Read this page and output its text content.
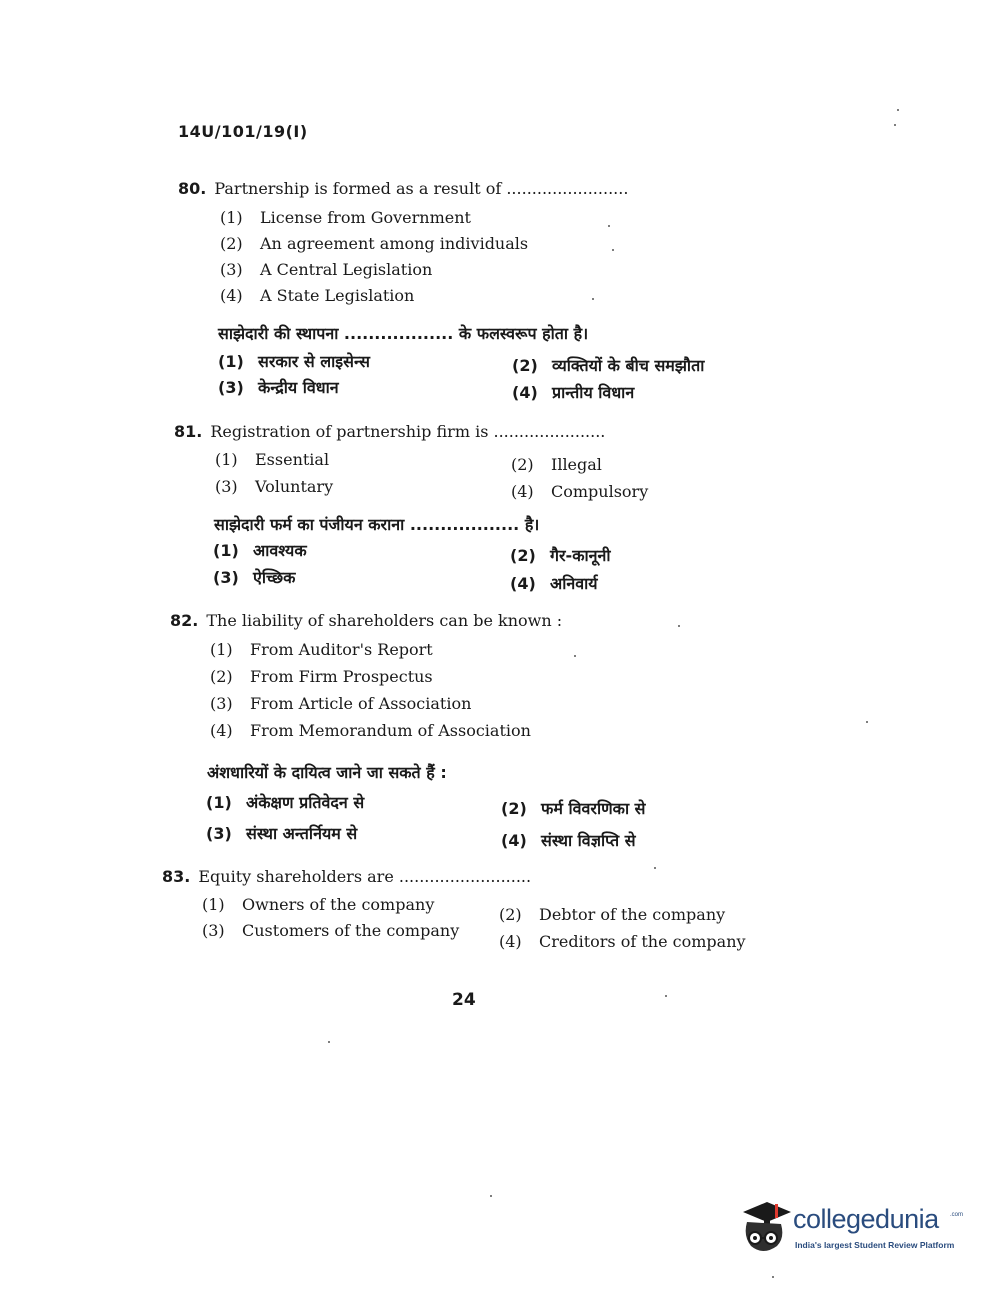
14U/101/19(I)
80. Partnership is formed as a result of ........................
(1) License from Government
(2) An agreement among individuals
(3) A Central Legislation
(4) A State Legislation
साझेदारी की स्थापना .................. के फलस्वरूप होता है।
(1) सरकार से लाइसेन्स	(2) व्यक्तियों के बीच समझौता
(3) केन्द्रीय विधान	(4) प्रान्तीय विधान
81. Registration of partnership firm is ......................
(1) Essential	(2) Illegal
(3) Voluntary	(4) Compulsory
साझेदारी फर्म का पंजीयन कराना .................. है।
(1) आवश्यक	(2) गैर-कानूनी
(3) ऐच्छिक	(4) अनिवार्य
82. The liability of shareholders can be known :
(1) From Auditor's Report
(2) From Firm Prospectus
(3) From Article of Association
(4) From Memorandum of Association
अंशधारियों के दायित्व जाने जा सकते हैं :
(1) अंकेक्षण प्रतिवेदन से	(2) फर्म विवरणिका से
(3) संस्था अन्तर्नियम से	(4) संस्था विज्ञप्ति से
83. Equity shareholders are ..........................
(1) Owners of the company
(2) Debtor of the company
(3) Customers of the company
(4) Creditors of the company
24
collegedunia .com
India's largest Student Review Platform
